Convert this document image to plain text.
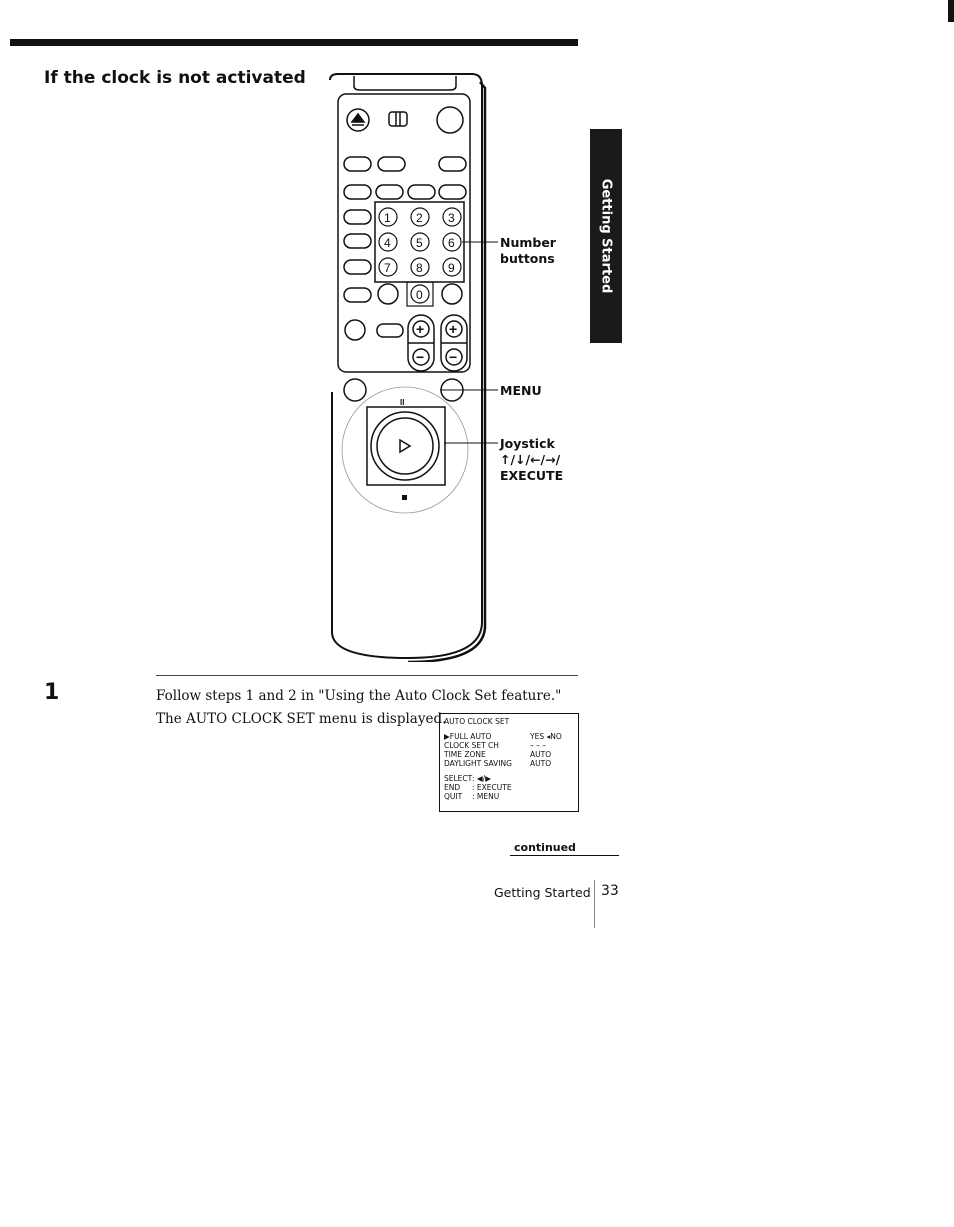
If the clock is not activated
Getting Started
1 2 3
4 5 6
7 8 9
0
+
−
+
−
II
Number
buttons
MENU
Joystick
↑/↓/←/→/
EXECUTE
1	Follow steps 1 and 2 in "Using the Auto Clock Set feature."
The AUTO CLOCK SET menu is displayed.
AUTO CLOCK SET
▶FULL AUTO	YES ◂NO
CLOCK SET CH	– – –
TIME ZONE	AUTO
DAYLIGHT SAVING AUTO
SELECT : ◀/▶
END : EXECUTE
QUIT : MENU
continued
Getting Started 33
